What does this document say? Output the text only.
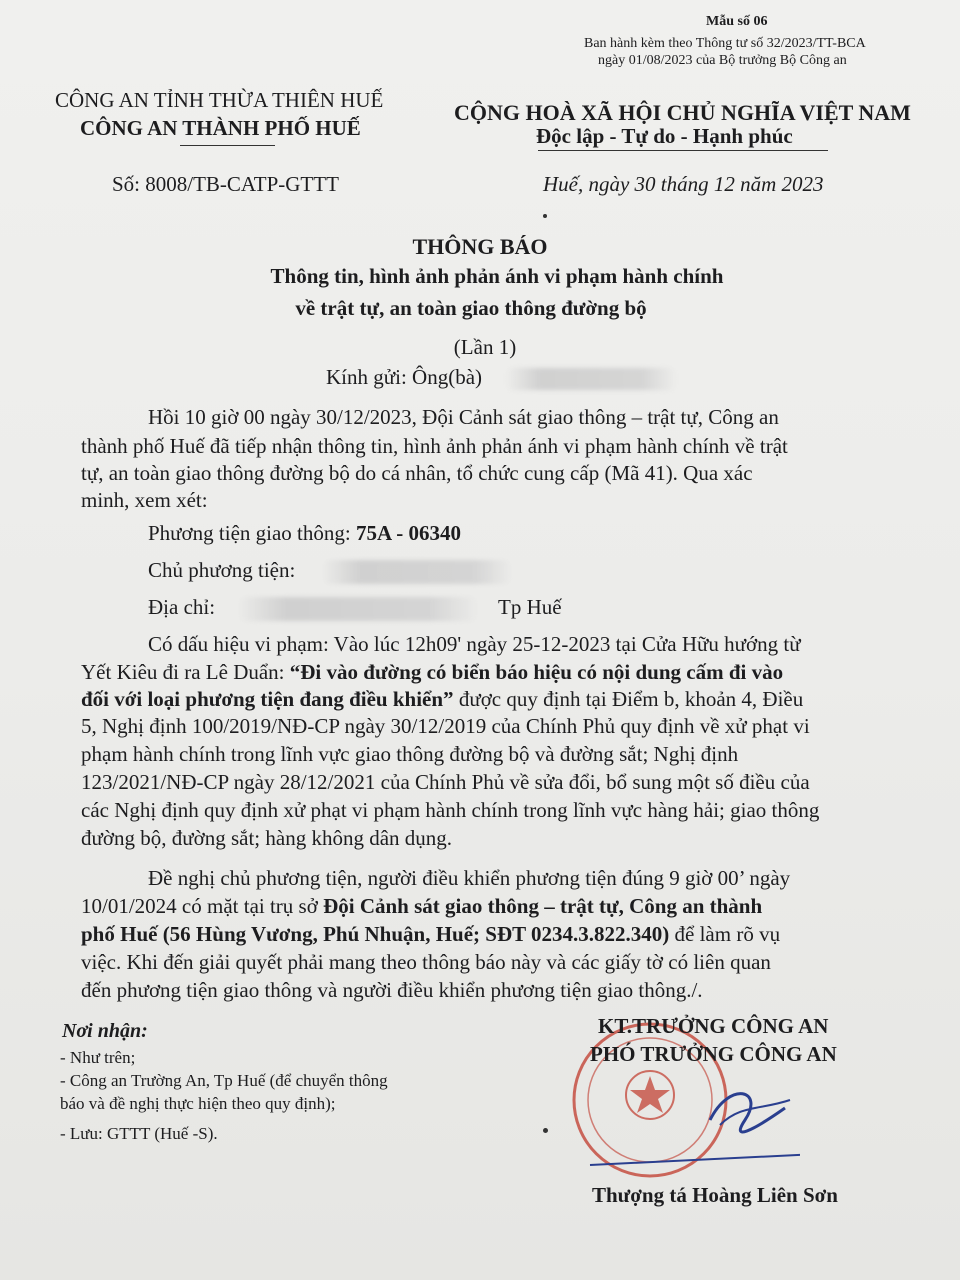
Mẫu số 06
Ban hành kèm theo Thông tư số 32/2023/TT-BCA
ngày 01/08/2023 của Bộ trưởng Bộ Công an
CÔNG AN TỈNH THỪA THIÊN HUẾ
CÔNG AN THÀNH PHỐ HUẾ
CỘNG HOÀ XÃ HỘI CHỦ NGHĨA VIỆT NAM
Độc lập - Tự do - Hạnh phúc
Số: 8008/TB-CATP-GTTT	Huế, ngày 30 tháng 12 năm 2023
THÔNG BÁO
Thông tin, hình ảnh phản ánh vi phạm hành chính
về trật tự, an toàn giao thông đường bộ
(Lần 1)
Kính gửi: Ông(bà)
Hồi 10 giờ 00 ngày 30/12/2023, Đội Cảnh sát giao thông – trật tự, Công an
thành phố Huế đã tiếp nhận thông tin, hình ảnh phản ánh vi phạm hành chính về trật
tự, an toàn giao thông đường bộ do cá nhân, tổ chức cung cấp (Mã 41). Qua xác
minh, xem xét:
Phương tiện giao thông: 75A - 06340
Chủ phương tiện:
Địa chỉ:	Tp Huế
Có dấu hiệu vi phạm: Vào lúc 12h09' ngày 25-12-2023 tại Cửa Hữu hướng từ
Yết Kiêu đi ra Lê Duẩn: “Đi vào đường có biển báo hiệu có nội dung cấm đi vào
đối với loại phương tiện đang điều khiển” được quy định tại Điểm b, khoản 4, Điều
5, Nghị định 100/2019/NĐ-CP ngày 30/12/2019 của Chính Phủ quy định về xử phạt vi
phạm hành chính trong lĩnh vực giao thông đường bộ và đường sắt; Nghị định
123/2021/NĐ-CP ngày 28/12/2021 của Chính Phủ về sửa đổi, bổ sung một số điều của
các Nghị định quy định xử phạt vi phạm hành chính trong lĩnh vực hàng hải; giao thông
đường bộ, đường sắt; hàng không dân dụng.
Đề nghị chủ phương tiện, người điều khiển phương tiện đúng 9 giờ 00’ ngày
10/01/2024 có mặt tại trụ sở Đội Cảnh sát giao thông – trật tự, Công an thành
phố Huế (56 Hùng Vương, Phú Nhuận, Huế; SĐT 0234.3.822.340) để làm rõ vụ
việc. Khi đến giải quyết phải mang theo thông báo này và các giấy tờ có liên quan
đến phương tiện giao thông và người điều khiển phương tiện giao thông./.
Nơi nhận:
- Như trên;
- Công an Trường An, Tp Huế (để chuyển thông
báo và đề nghị thực hiện theo quy định);
- Lưu: GTTT (Huế -S).
KT.TRƯỞNG CÔNG AN
PHÓ TRƯỞNG CÔNG AN
Thượng tá Hoàng Liên Sơn
